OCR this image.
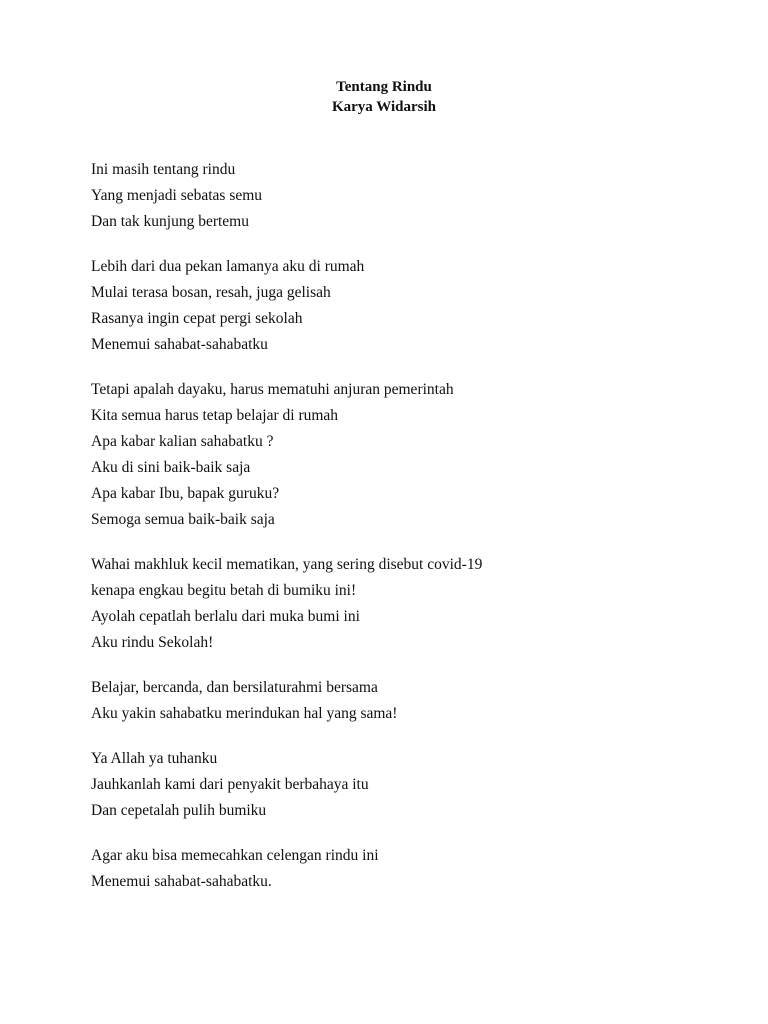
Tentang Rindu
Karya Widarsih
Ini masih tentang rindu
Yang menjadi sebatas semu
Dan tak kunjung bertemu
Lebih dari dua pekan lamanya aku di rumah
Mulai terasa bosan, resah, juga gelisah
Rasanya ingin cepat pergi sekolah
Menemui sahabat-sahabatku
Tetapi apalah dayaku, harus mematuhi anjuran pemerintah
Kita semua harus tetap belajar di rumah
Apa kabar kalian sahabatku ?
Aku di sini baik-baik saja
Apa kabar Ibu, bapak guruku?
Semoga semua baik-baik saja
Wahai makhluk kecil mematikan, yang sering disebut covid-19
kenapa engkau begitu betah di bumiku ini!
Ayolah cepatlah berlalu dari muka bumi ini
Aku rindu Sekolah!
Belajar, bercanda, dan bersilaturahmi bersama
Aku yakin sahabatku merindukan hal yang sama!
Ya Allah ya tuhanku
Jauhkanlah kami dari penyakit berbahaya itu
Dan cepetalah pulih bumiku
Agar aku bisa memecahkan celengan rindu ini
Menemui sahabat-sahabatku.
